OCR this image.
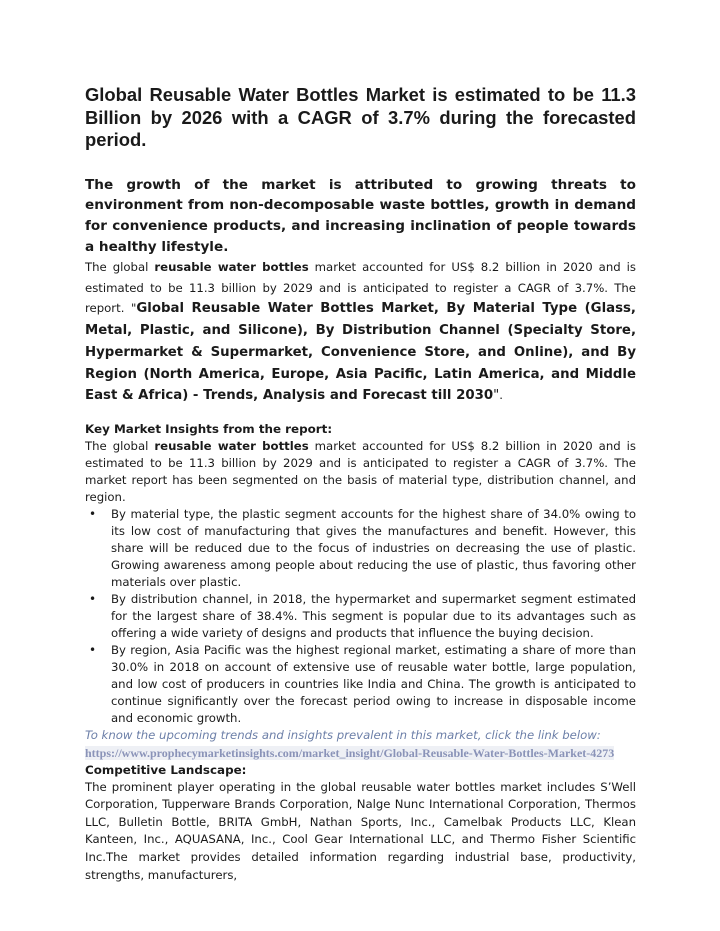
Global Reusable Water Bottles Market is estimated to be 11.3 Billion by 2026 with a CAGR of 3.7% during the forecasted period.

The growth of the market is attributed to growing threats to environment from non-decomposable waste bottles, growth in demand for convenience products, and increasing inclination of people towards a healthy lifestyle.

The global reusable water bottles market accounted for US$ 8.2 billion in 2020 and is estimated to be 11.3 billion by 2029 and is anticipated to register a CAGR of 3.7%. The report. "Global Reusable Water Bottles Market, By Material Type (Glass, Metal, Plastic, and Silicone), By Distribution Channel (Specialty Store, Hypermarket & Supermarket, Convenience Store, and Online), and By Region (North America, Europe, Asia Pacific, Latin America, and Middle East & Africa) - Trends, Analysis and Forecast till 2030".

Key Market Insights from the report:

The global reusable water bottles market accounted for US$ 8.2 billion in 2020 and is estimated to be 11.3 billion by 2029 and is anticipated to register a CAGR of 3.7%. The market report has been segmented on the basis of material type, distribution channel, and region.

• By material type, the plastic segment accounts for the highest share of 34.0% owing to its low cost of manufacturing that gives the manufactures and benefit. However, this share will be reduced due to the focus of industries on decreasing the use of plastic. Growing awareness among people about reducing the use of plastic, thus favoring other materials over plastic.
• By distribution channel, in 2018, the hypermarket and supermarket segment estimated for the largest share of 38.4%. This segment is popular due to its advantages such as offering a wide variety of designs and products that influence the buying decision.
• By region, Asia Pacific was the highest regional market, estimating a share of more than 30.0% in 2018 on account of extensive use of reusable water bottle, large population, and low cost of producers in countries like India and China. The growth is anticipated to continue significantly over the forecast period owing to increase in disposable income and economic growth.

To know the upcoming trends and insights prevalent in this market, click the link below:

https://www.prophecymarketinsights.com/market_insight/Global-Reusable-Water-Bottles-Market-4273

Competitive Landscape:

The prominent player operating in the global reusable water bottles market includes S’Well Corporation, Tupperware Brands Corporation, Nalge Nunc International Corporation, Thermos LLC, Bulletin Bottle, BRITA GmbH, Nathan Sports, Inc., Camelbak Products LLC, Klean Kanteen, Inc., AQUASANA, Inc., Cool Gear International LLC, and Thermo Fisher Scientific Inc.The market provides detailed information regarding industrial base, productivity, strengths, manufacturers,
